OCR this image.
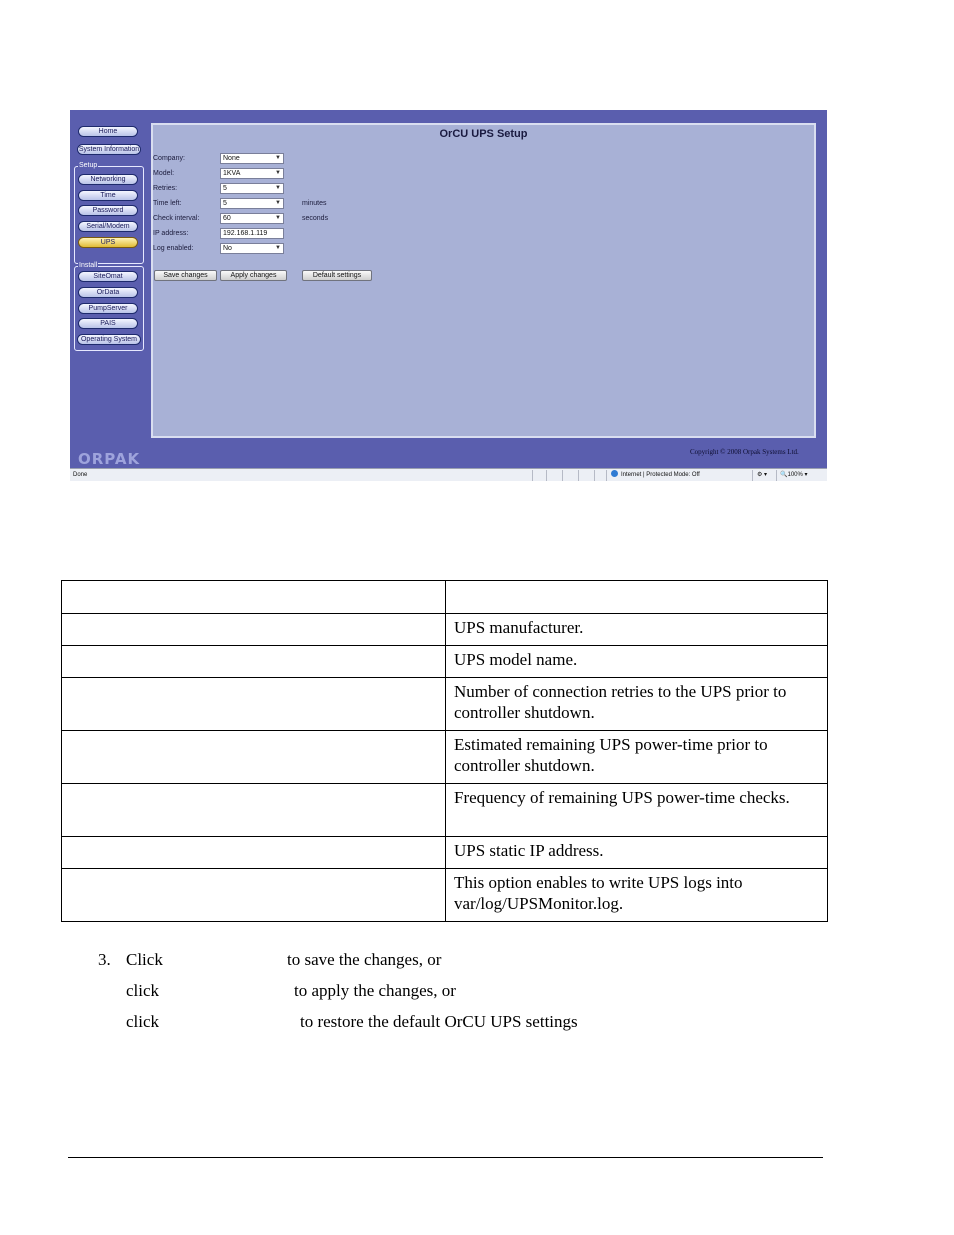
Home
System Information
Setup
Networking
Time
Password
Serial/Modem
UPS
Install
SiteOmat
OrData
PumpServer
PAIS
Operating System
ORPAK
OrCU UPS Setup
Company:	None	▼
Model:	1KVA	▼
Retries:	5	▼
Time left:	5	▼	minutes
Check interval:	60	▼	seconds
IP address:	192.168.1.119
Log enabled:	No	▼
Save changes	Apply changes	Default settings
Copyright © 2008 Orpak Systems Ltd.
Done	Internet | Protected Mode: Off	⚙ ▾ 🔍100% ▾

	UPS manufacturer.
	UPS model name.
	Number of connection retries to the UPS prior to controller shutdown.
	Estimated remaining UPS power-time prior to controller shutdown.
	Frequency of remaining UPS power-time checks.
	UPS static IP address.
	This option enables to write UPS logs into var/log/UPSMonitor.log.
3. Click	to save the changes, or
click	to apply the changes, or
click	to restore the default OrCU UPS settings
